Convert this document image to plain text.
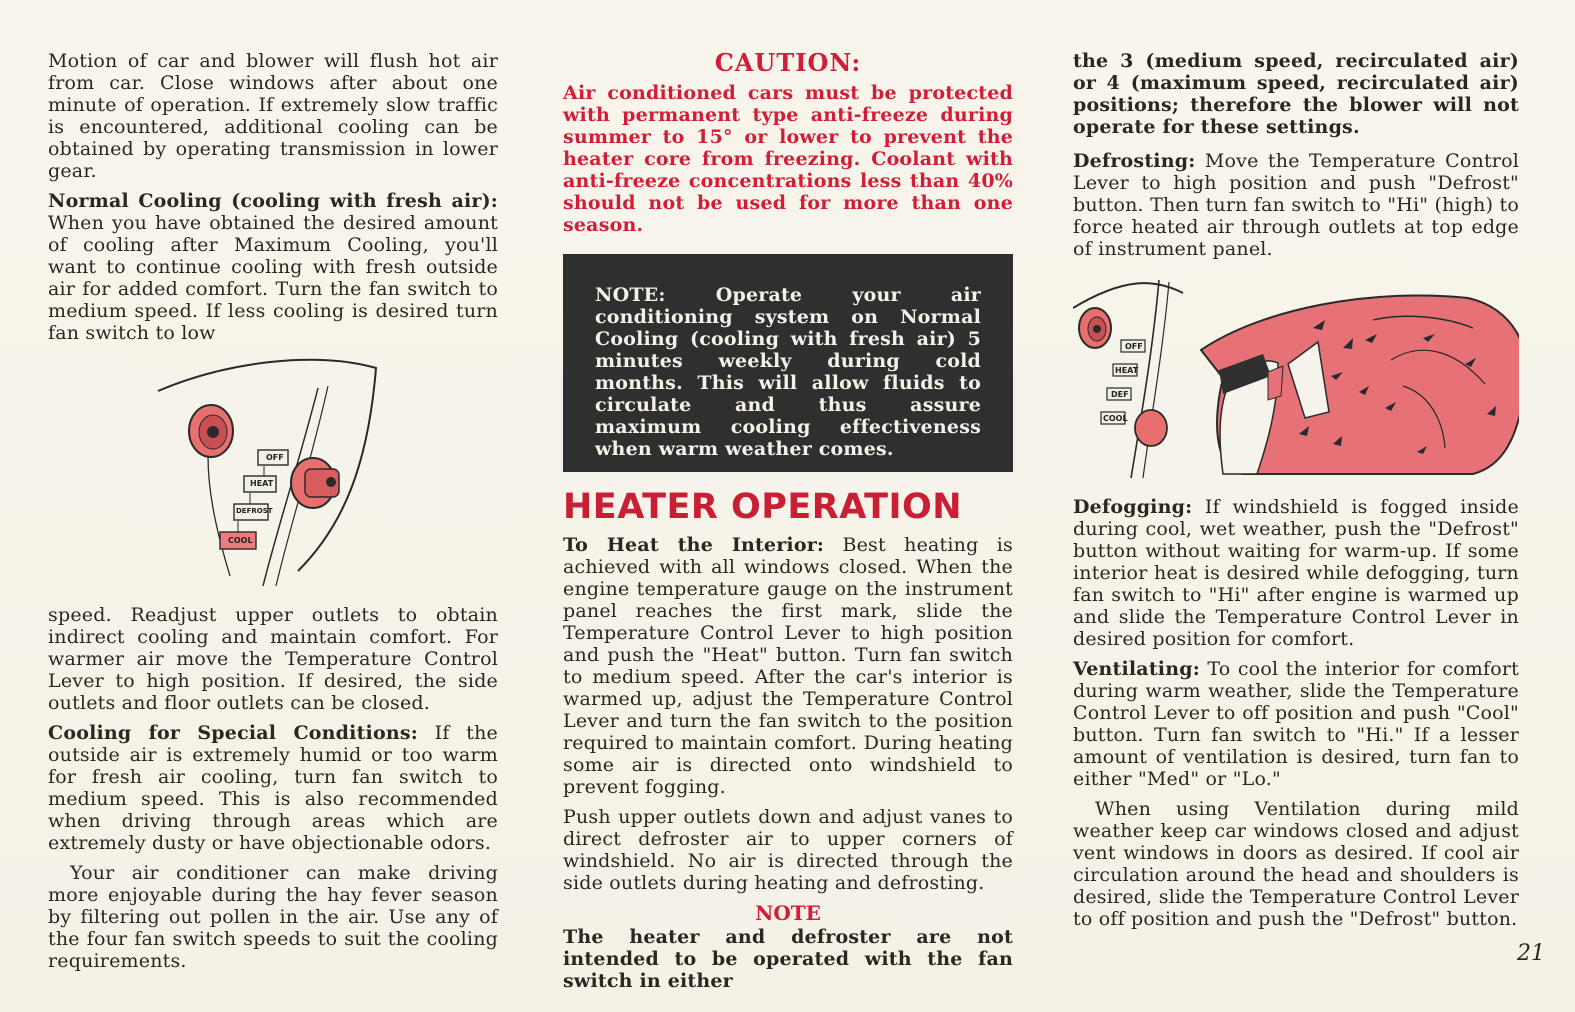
Motion of car and blower will flush hot air from car. Close windows after about one minute of operation. If extremely slow traffic is encountered, additional cooling can be obtained by operating transmission in lower gear.

Normal Cooling (cooling with fresh air): When you have obtained the desired amount of cooling after Maximum Cooling, you'll want to continue cooling with fresh outside air for added comfort. Turn the fan switch to medium speed. If less cooling is desired turn fan switch to low

OFF
HEAT
DEFROST
COOL

speed. Readjust upper outlets to obtain indirect cooling and maintain comfort. For warmer air move the Temperature Control Lever to high position. If desired, the side outlets and floor outlets can be closed.

Cooling for Special Conditions: If the outside air is extremely humid or too warm for fresh air cooling, turn fan switch to medium speed. This is also recommended when driving through areas which are extremely dusty or have objectionable odors.

Your air conditioner can make driving more enjoyable during the hay fever season by filtering out pollen in the air. Use any of the four fan switch speeds to suit the cooling requirements.

CAUTION:

Air conditioned cars must be protected with permanent type anti-freeze during summer to 15° or lower to prevent the heater core from freezing. Coolant with anti-freeze concentrations less than 40% should not be used for more than one season.

NOTE: Operate your air conditioning system on Normal Cooling (cooling with fresh air) 5 minutes weekly during cold months. This will allow fluids to circulate and thus assure maximum cooling effectiveness when warm weather comes.

HEATER OPERATION

To Heat the Interior: Best heating is achieved with all windows closed. When the engine temperature gauge on the instrument panel reaches the first mark, slide the Temperature Control Lever to high position and push the "Heat" button. Turn fan switch to medium speed. After the car's interior is warmed up, adjust the Temperature Control Lever and turn the fan switch to the position required to maintain comfort. During heating some air is directed onto windshield to prevent fogging.

Push upper outlets down and adjust vanes to direct defroster air to upper corners of windshield. No air is directed through the side outlets during heating and defrosting.

NOTE

The heater and defroster are not intended to be operated with the fan switch in either

the 3 (medium speed, recirculated air) or 4 (maximum speed, recirculated air) positions; therefore the blower will not operate for these settings.

Defrosting: Move the Temperature Control Lever to high position and push "Defrost" button. Then turn fan switch to "Hi" (high) to force heated air through outlets at top edge of instrument panel.

OFF
HEAT
DEF
COOL

Defogging: If windshield is fogged inside during cool, wet weather, push the "Defrost" button without waiting for warm-up. If some interior heat is desired while defogging, turn fan switch to "Hi" after engine is warmed up and slide the Temperature Control Lever in desired position for comfort.

Ventilating: To cool the interior for comfort during warm weather, slide the Temperature Control Lever to off position and push "Cool" button. Turn fan switch to "Hi." If a lesser amount of ventilation is desired, turn fan to either "Med" or "Lo."

When using Ventilation during mild weather keep car windows closed and adjust vent windows in doors as desired. If cool air circulation around the head and shoulders is desired, slide the Temperature Control Lever to off position and push the "Defrost" button.

21
